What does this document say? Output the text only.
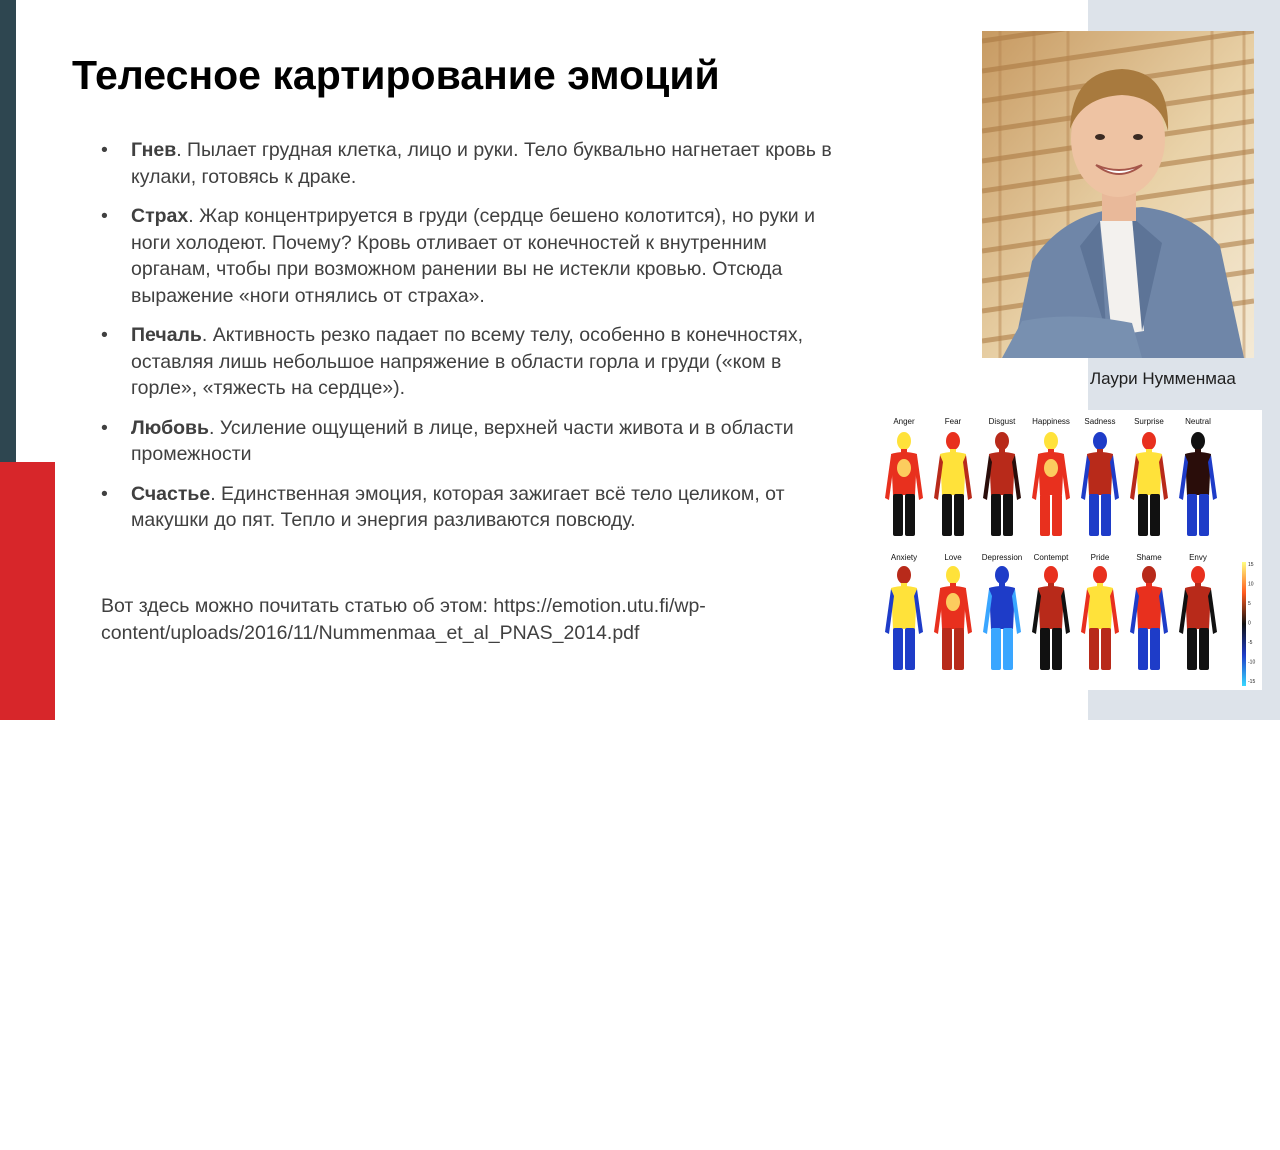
АнтиПсихоз
Телесное картирование эмоций
• Гнев. Пылает грудная клетка, лицо и руки. Тело буквально нагнетает кровь в кулаки, готовясь к драке.
• Страх. Жар концентрируется в груди (сердце бешено колотится), но руки и ноги холодеют. Почему? Кровь отливает от конечностей к внутренним органам, чтобы при возможном ранении вы не истекли кровью. Отсюда выражение «ноги отнялись от страха».
• Печаль. Активность резко падает по всему телу, особенно в конечностях, оставляя лишь небольшое напряжение в области горла и груди («ком в горле», «тяжесть на сердце»).
• Любовь. Усиление ощущений в лице, верхней части живота и в области промежности
• Счастье. Единственная эмоция, которая зажигает всё тело целиком, от макушки до пят. Тепло и энергия разливаются повсюду.

Вот здесь можно почитать статью об этом: https://emotion.utu.fi/wp-content/uploads/2016/11/Nummenmaa_et_al_PNAS_2014.pdf

Лаури Нумменмаа
Anger
Anxiety
Fear
Love
Disgust
Depression
Happiness
Contempt
Sadness
Pride
Surprise
Shame
Neutral
Envy
15
10
5
0
-5
-10
-15
